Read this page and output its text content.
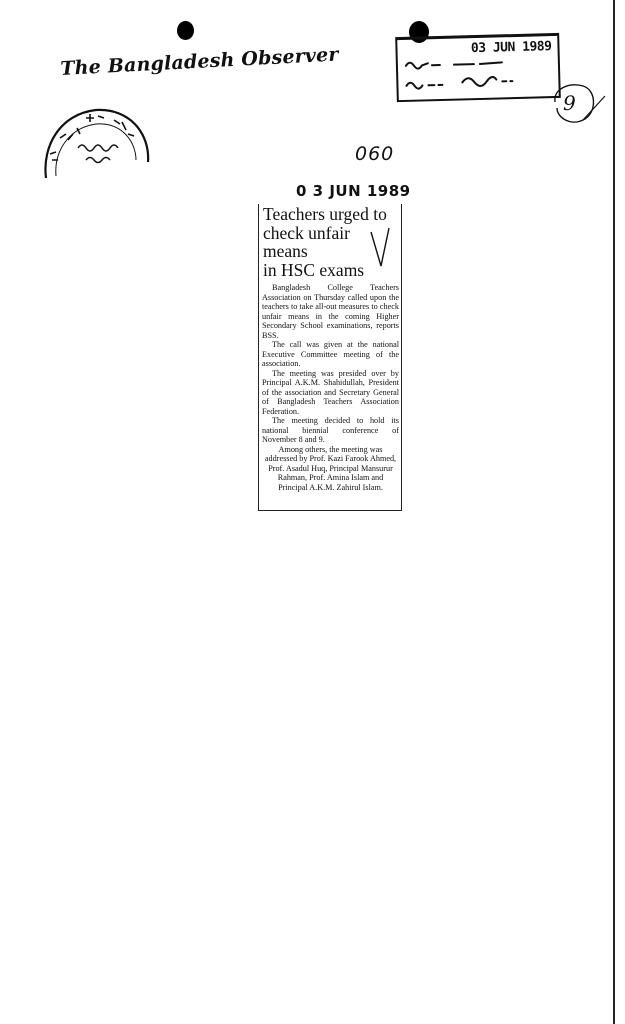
The Bangladesh Observer	03 JUN 1989
9
060
0 3 JUN 1989
Teachers urged to
check unfair
means
in HSC exams

Bangladesh College Teachers Association on Thursday called upon the teachers to take all-out measures to check unfair means in the coming Higher Secondary School examinations, reports BSS.

The call was given at the national Executive Committee meeting of the association.

The meeting was presided over by Principal A.K.M. Shahidullah, President of the association and Secretary General of Bangladesh Teachers Association Federation.

The meeting decided to hold its national biennial conference of November 8 and 9.

Among others, the meeting was addressed by Prof. Kazi Farook Ahmed, Prof. Asadul Huq, Principal Mansurur Rahman, Prof. Amina Islam and Principal A.K.M. Zahirul Islam.
